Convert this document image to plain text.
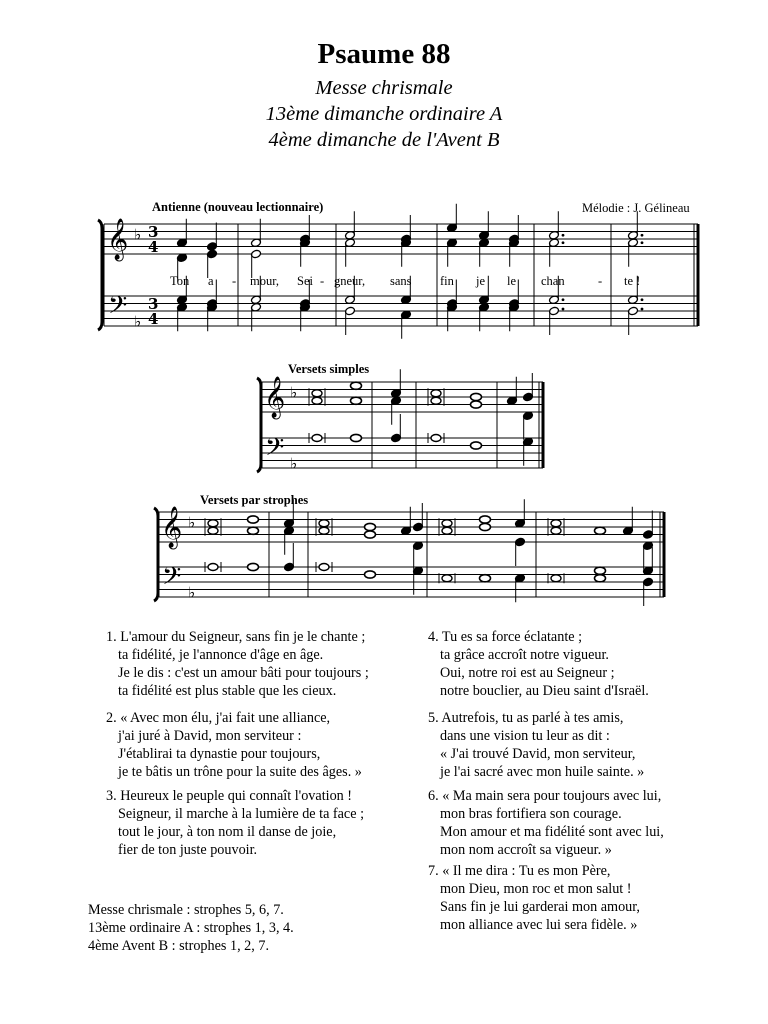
Psaume 88
Messe chrismale
13ème dimanche ordinaire A
4ème dimanche de l'Avent B
Antienne (nouveau lectionnaire)	Mélodie : J. Gélineau
Versets simples
Versets par strophes
𝄞
𝄢
♭
♭
3
4
3
4
𝄞
𝄢
♭
♭
𝄞
𝄢
♭
♭
Ton a - mour, Sei - gneur, sans fin je le chan	- te !
1. L'amour du Seigneur, sans fin je le chante ;
ta fidélité, je l'annonce d'âge en âge.
Je le dis : c'est un amour bâti pour toujours ;
ta fidélité est plus stable que les cieux.
2. « Avec mon élu, j'ai fait une alliance,
j'ai juré à David, mon serviteur :
J'établirai ta dynastie pour toujours,
je te bâtis un trône pour la suite des âges. »
3. Heureux le peuple qui connaît l'ovation !
Seigneur, il marche à la lumière de ta face ;
tout le jour, à ton nom il danse de joie,
fier de ton juste pouvoir.
4. Tu es sa force éclatante ;
ta grâce accroît notre vigueur.
Oui, notre roi est au Seigneur ;
notre bouclier, au Dieu saint d'Israël.
5. Autrefois, tu as parlé à tes amis,
dans une vision tu leur as dit :
« J'ai trouvé David, mon serviteur,
je l'ai sacré avec mon huile sainte. »
6. « Ma main sera pour toujours avec lui,
mon bras fortifiera son courage.
Mon amour et ma fidélité sont avec lui,
mon nom accroît sa vigueur. »
7. « Il me dira : Tu es mon Père,
mon Dieu, mon roc et mon salut !
Sans fin je lui garderai mon amour,
mon alliance avec lui sera fidèle. »
Messe chrismale : strophes 5, 6, 7.
13ème ordinaire A : strophes 1, 3, 4.
4ème Avent B : strophes 1, 2, 7.
